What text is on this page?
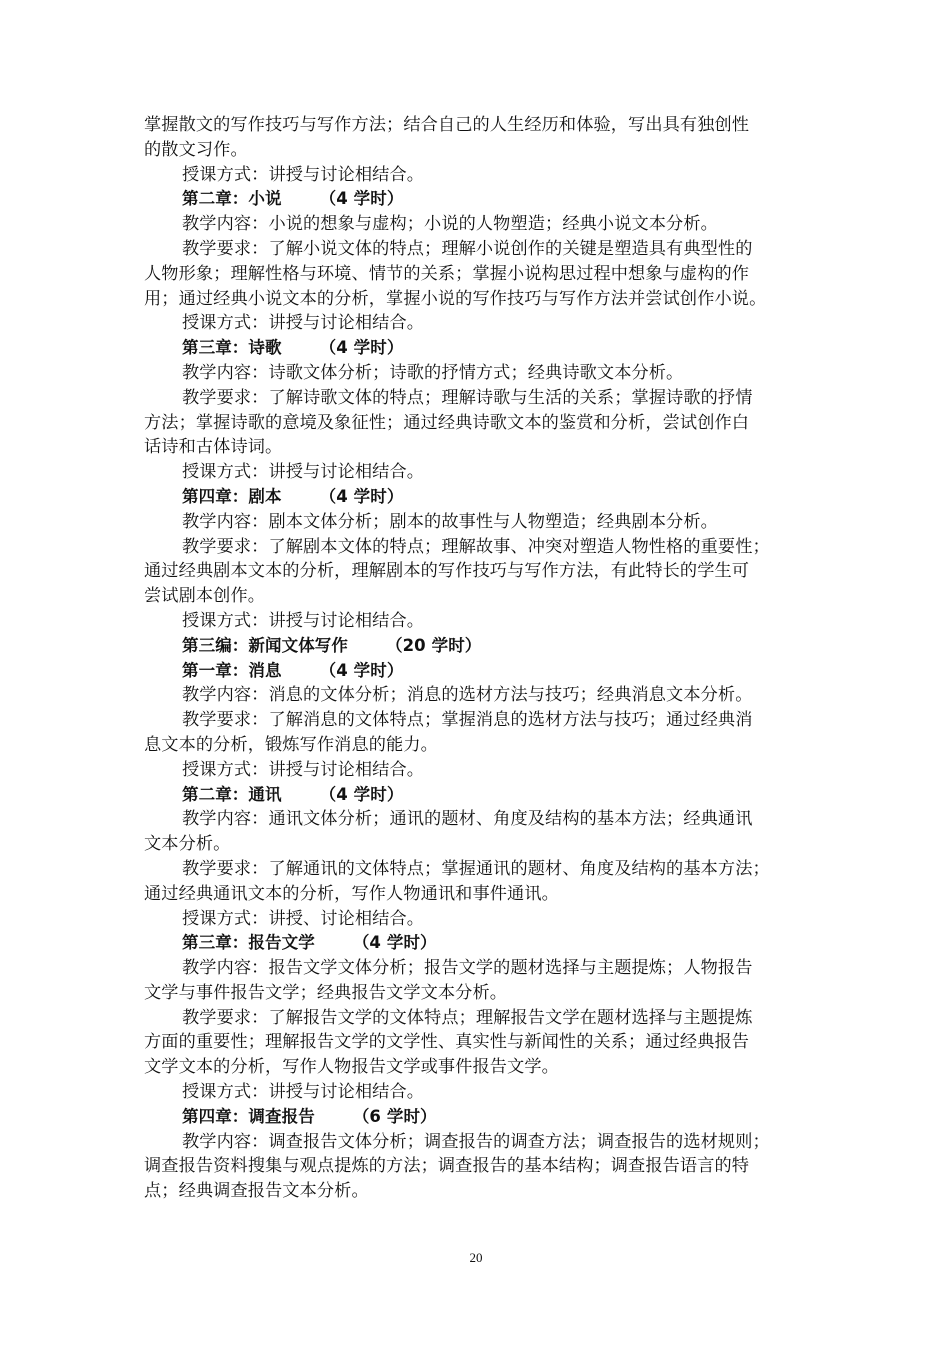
掌握散文的写作技巧与写作方法；结合自己的人生经历和体验，写出具有独创性
的散文习作。
授课方式：讲授与讨论相结合。
第二章：小说 （4 学时）
教学内容：小说的想象与虚构；小说的人物塑造；经典小说文本分析。
教学要求：了解小说文体的特点；理解小说创作的关键是塑造具有典型性的
人物形象；理解性格与环境、情节的关系；掌握小说构思过程中想象与虚构的作
用；通过经典小说文本的分析，掌握小说的写作技巧与写作方法并尝试创作小说。
授课方式：讲授与讨论相结合。
第三章：诗歌 （4 学时）
教学内容：诗歌文体分析；诗歌的抒情方式；经典诗歌文本分析。
教学要求：了解诗歌文体的特点；理解诗歌与生活的关系；掌握诗歌的抒情
方法；掌握诗歌的意境及象征性；通过经典诗歌文本的鉴赏和分析，尝试创作白
话诗和古体诗词。
授课方式：讲授与讨论相结合。
第四章：剧本 （4 学时）
教学内容：剧本文体分析；剧本的故事性与人物塑造；经典剧本分析。
教学要求：了解剧本文体的特点；理解故事、冲突对塑造人物性格的重要性；
通过经典剧本文本的分析，理解剧本的写作技巧与写作方法，有此特长的学生可
尝试剧本创作。
授课方式：讲授与讨论相结合。
第三编：新闻文体写作 （20 学时）
第一章：消息 （4 学时）
教学内容：消息的文体分析；消息的选材方法与技巧；经典消息文本分析。
教学要求：了解消息的文体特点；掌握消息的选材方法与技巧；通过经典消
息文本的分析，锻炼写作消息的能力。
授课方式：讲授与讨论相结合。
第二章：通讯 （4 学时）
教学内容：通讯文体分析；通讯的题材、角度及结构的基本方法；经典通讯
文本分析。
教学要求：了解通讯的文体特点；掌握通讯的题材、角度及结构的基本方法；
通过经典通讯文本的分析，写作人物通讯和事件通讯。
授课方式：讲授、讨论相结合。
第三章：报告文学 （4 学时）
教学内容：报告文学文体分析；报告文学的题材选择与主题提炼；人物报告
文学与事件报告文学；经典报告文学文本分析。
教学要求：了解报告文学的文体特点；理解报告文学在题材选择与主题提炼
方面的重要性；理解报告文学的文学性、真实性与新闻性的关系；通过经典报告
文学文本的分析，写作人物报告文学或事件报告文学。
授课方式：讲授与讨论相结合。
第四章：调查报告 （6 学时）
教学内容：调查报告文体分析；调查报告的调查方法；调查报告的选材规则；
调查报告资料搜集与观点提炼的方法；调查报告的基本结构；调查报告语言的特
点；经典调查报告文本分析。
20
